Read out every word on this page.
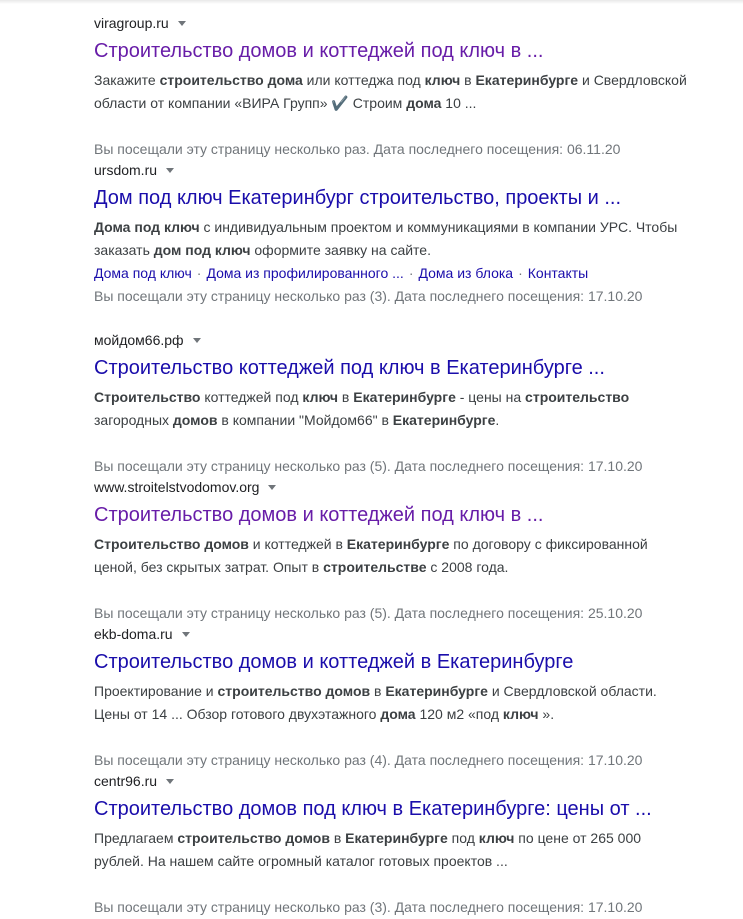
viragroup.ru
Строительство домов и коттеджей под ключ в ...
Закажите строительство дома или коттеджа под ключ в Екатеринбурге и Свердловской области от компании «ВИРА Групп» ✔️ Строим дома 10 ...
Вы посещали эту страницу несколько раз. Дата последнего посещения: 06.11.20
ursdom.ru
Дом под ключ Екатеринбург строительство, проекты и ...
Дома под ключ с индивидуальным проектом и коммуникациями в компании УРС. Чтобы заказать дом под ключ оформите заявку на сайте.
Дома под ключ · Дома из профилированного ... · Дома из блока · Контакты
Вы посещали эту страницу несколько раз (3). Дата последнего посещения: 17.10.20
мойдом66.рф
Строительство коттеджей под ключ в Екатеринбурге ...
Строительство коттеджей под ключ в Екатеринбурге - цены на строительство загородных домов в компании "Мойдом66" в Екатеринбурге.
Вы посещали эту страницу несколько раз (5). Дата последнего посещения: 17.10.20
www.stroitelstvodomov.org
Строительство домов и коттеджей под ключ в ...
Строительство домов и коттеджей в Екатеринбурге по договору с фиксированной ценой, без скрытых затрат. Опыт в строительстве с 2008 года.
Вы посещали эту страницу несколько раз (5). Дата последнего посещения: 25.10.20
ekb-doma.ru
Строительство домов и коттеджей в Екатеринбурге
Проектирование и строительство домов в Екатеринбурге и Свердловской области. Цены от 14 ... Обзор готового двухэтажного дома 120 м2 «под ключ ».
Вы посещали эту страницу несколько раз (4). Дата последнего посещения: 17.10.20
centr96.ru
Строительство домов под ключ в Екатеринбурге: цены от ...
Предлагаем строительство домов в Екатеринбурге под ключ по цене от 265 000 рублей. На нашем сайте огромный каталог готовых проектов ...
Вы посещали эту страницу несколько раз (3). Дата последнего посещения: 17.10.20
